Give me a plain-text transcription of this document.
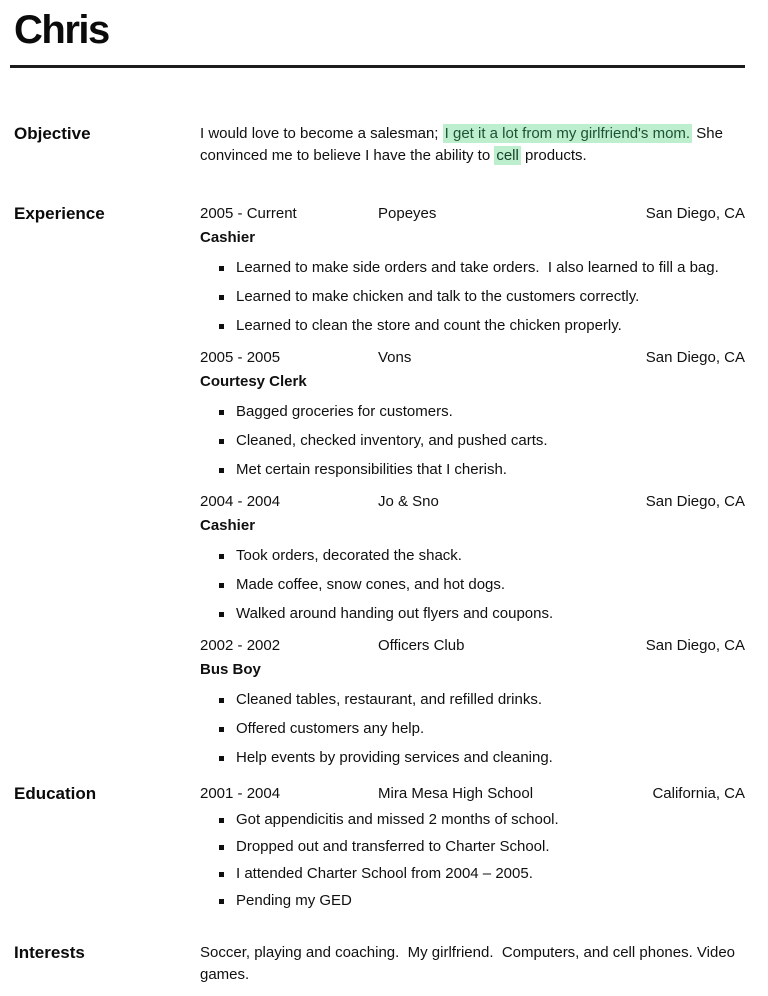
Chris
Objective	I would love to become a salesman; I get it a lot from my girlfriend's mom. She convinced me to believe I have the ability to cell products.

Experience	2005 - Current	Popeyes	San Diego, CA
Cashier
Learned to make side orders and take orders.  I also learned to fill a bag.
Learned to make chicken and talk to the customers correctly.
Learned to clean the store and count the chicken properly.
2005 - 2005	Vons	San Diego, CA
Courtesy Clerk
Bagged groceries for customers.
Cleaned, checked inventory, and pushed carts.
Met certain responsibilities that I cherish.
2004 - 2004	Jo & Sno	San Diego, CA
Cashier
Took orders, decorated the shack.
Made coffee, snow cones, and hot dogs.
Walked around handing out flyers and coupons.
2002 - 2002	Officers Club	San Diego, CA
Bus Boy
Cleaned tables, restaurant, and refilled drinks.
Offered customers any help.
Help events by providing services and cleaning.
Education	2001 - 2004	Mira Mesa High School	California, CA
Got appendicitis and missed 2 months of school.
Dropped out and transferred to Charter School.
I attended Charter School from 2004 – 2005.
Pending my GED
Interests	Soccer, playing and coaching.  My girlfriend.  Computers, and cell phones. Video games.
